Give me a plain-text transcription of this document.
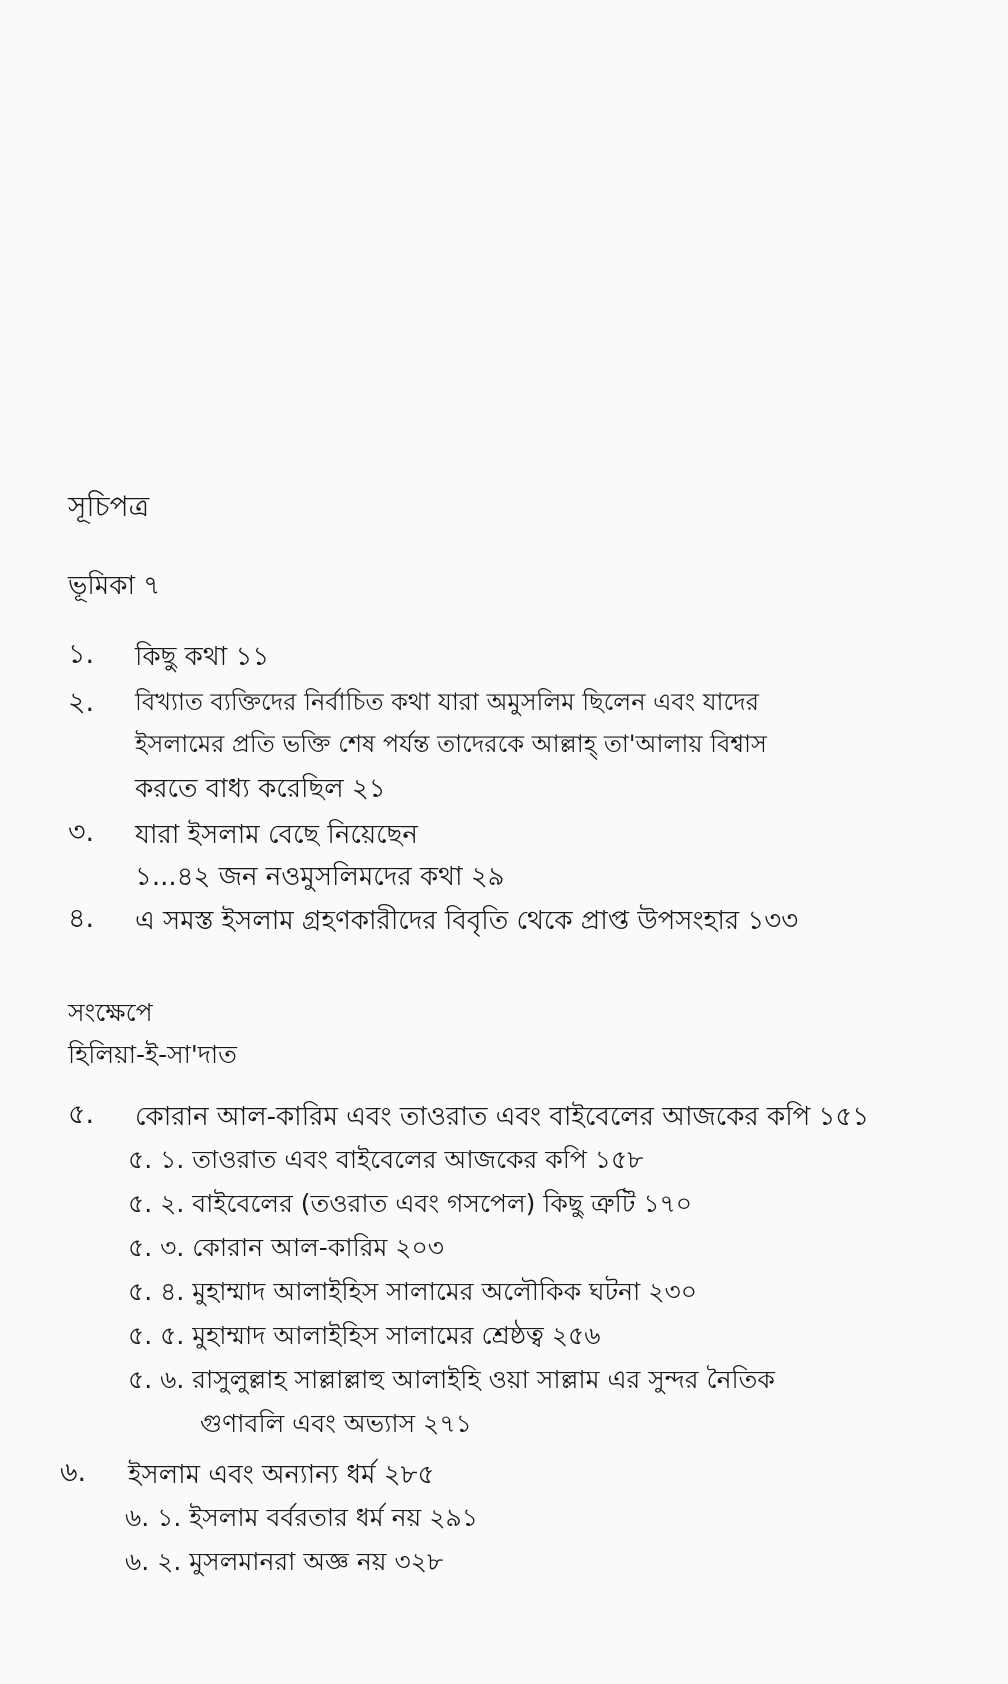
সূচিপত্র
ভূমিকা ৭
১. কিছু কথা ১১
২. বিখ্যাত ব্যক্তিদের নির্বাচিত কথা যারা অমুসলিম ছিলেন এবং যাদের
ইসলামের প্রতি ভক্তি শেষ পর্যন্ত তাদেরকে আল্লাহ্ তা'আলায় বিশ্বাস
করতে বাধ্য করেছিল ২১
৩. যারা ইসলাম বেছে নিয়েছেন
১...৪২ জন নওমুসলিমদের কথা ২৯
৪. এ সমস্ত ইসলাম গ্রহণকারীদের বিবৃতি থেকে প্রাপ্ত উপসংহার ১৩৩
সংক্ষেপে
হিলিয়া-ই-সা'দাত
৫. কোরান আল-কারিম এবং তাওরাত এবং বাইবেলের আজকের কপি ১৫১
৫. ১. তাওরাত এবং বাইবেলের আজকের কপি ১৫৮
৫. ২. বাইবেলের (তওরাত এবং গসপেল) কিছু ত্রুটি ১৭০
৫. ৩. কোরান আল-কারিম ২০৩
৫. ৪. মুহাম্মাদ আলাইহিস সালামের অলৌকিক ঘটনা ২৩০
৫. ৫. মুহাম্মাদ আলাইহিস সালামের শ্রেষ্ঠত্ব ২৫৬
৫. ৬. রাসুলুল্লাহ সাল্লাল্লাহু আলাইহি ওয়া সাল্লাম এর সুন্দর নৈতিক
গুণাবলি এবং অভ্যাস ২৭১
৬. ইসলাম এবং অন্যান্য ধর্ম ২৮৫
৬. ১. ইসলাম বর্বরতার ধর্ম নয় ২৯১
৬. ২. মুসলমানরা অজ্ঞ নয় ৩২৮
